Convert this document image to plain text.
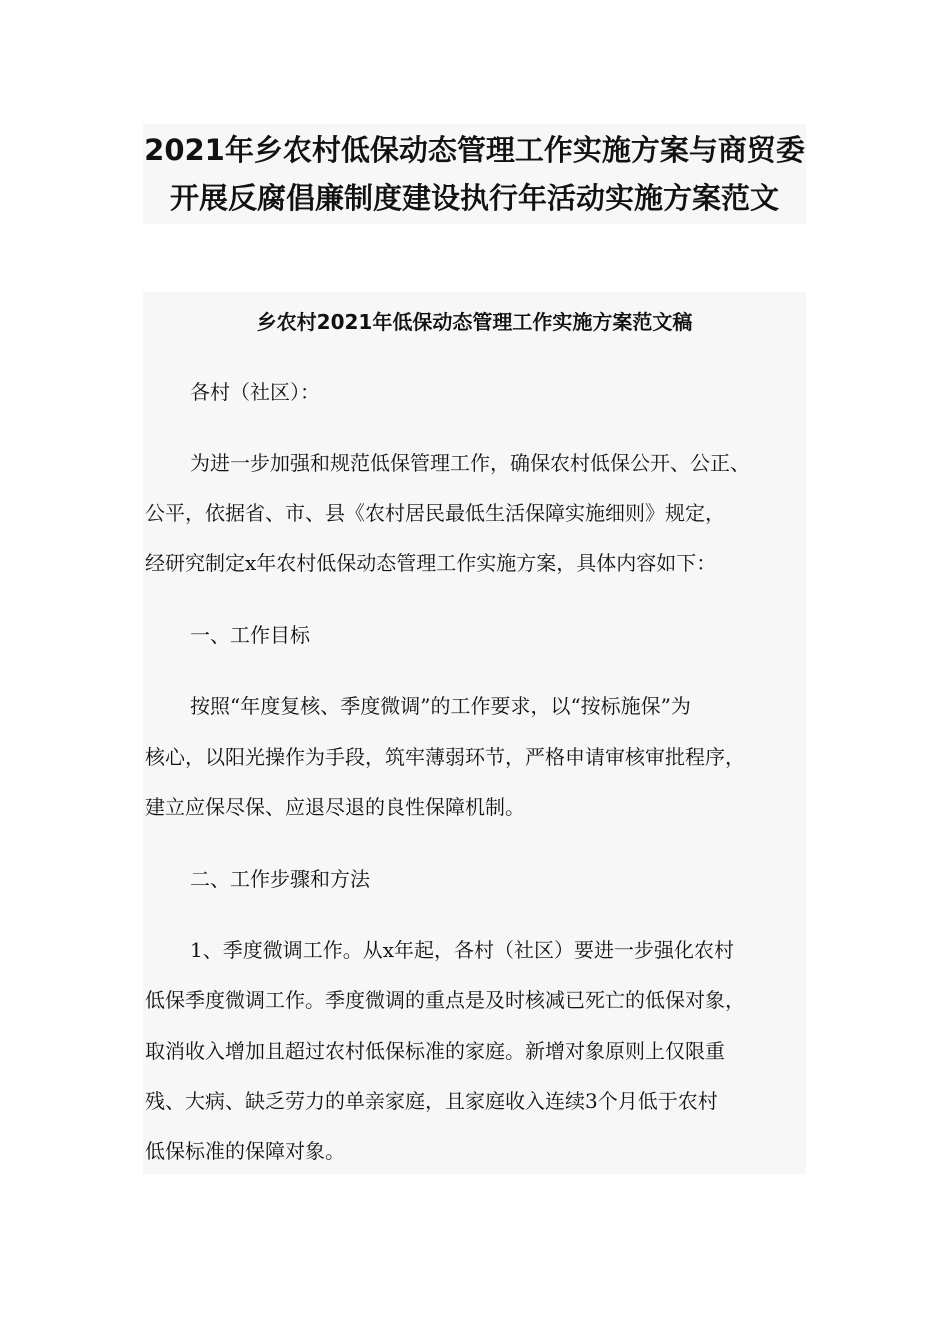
2021年乡农村低保动态管理工作实施方案与商贸委
开展反腐倡廉制度建设执行年活动实施方案范文
乡农村2021年低保动态管理工作实施方案范文稿
各村（社区）：
为进一步加强和规范低保管理工作，确保农村低保公开、公正、
公平，依据省、市、县《农村居民最低生活保障实施细则》规定，
经研究制定x年农村低保动态管理工作实施方案，具体内容如下：
一、工作目标
按照“年度复核、季度微调”的工作要求，以“按标施保”为
核心，以阳光操作为手段，筑牢薄弱环节，严格申请审核审批程序，
建立应保尽保、应退尽退的良性保障机制。
二、工作步骤和方法
1、季度微调工作。从x年起，各村（社区）要进一步强化农村
低保季度微调工作。季度微调的重点是及时核减已死亡的低保对象，
取消收入增加且超过农村低保标准的家庭。新增对象原则上仅限重
残、大病、缺乏劳力的单亲家庭，且家庭收入连续3个月低于农村
低保标准的保障对象。
